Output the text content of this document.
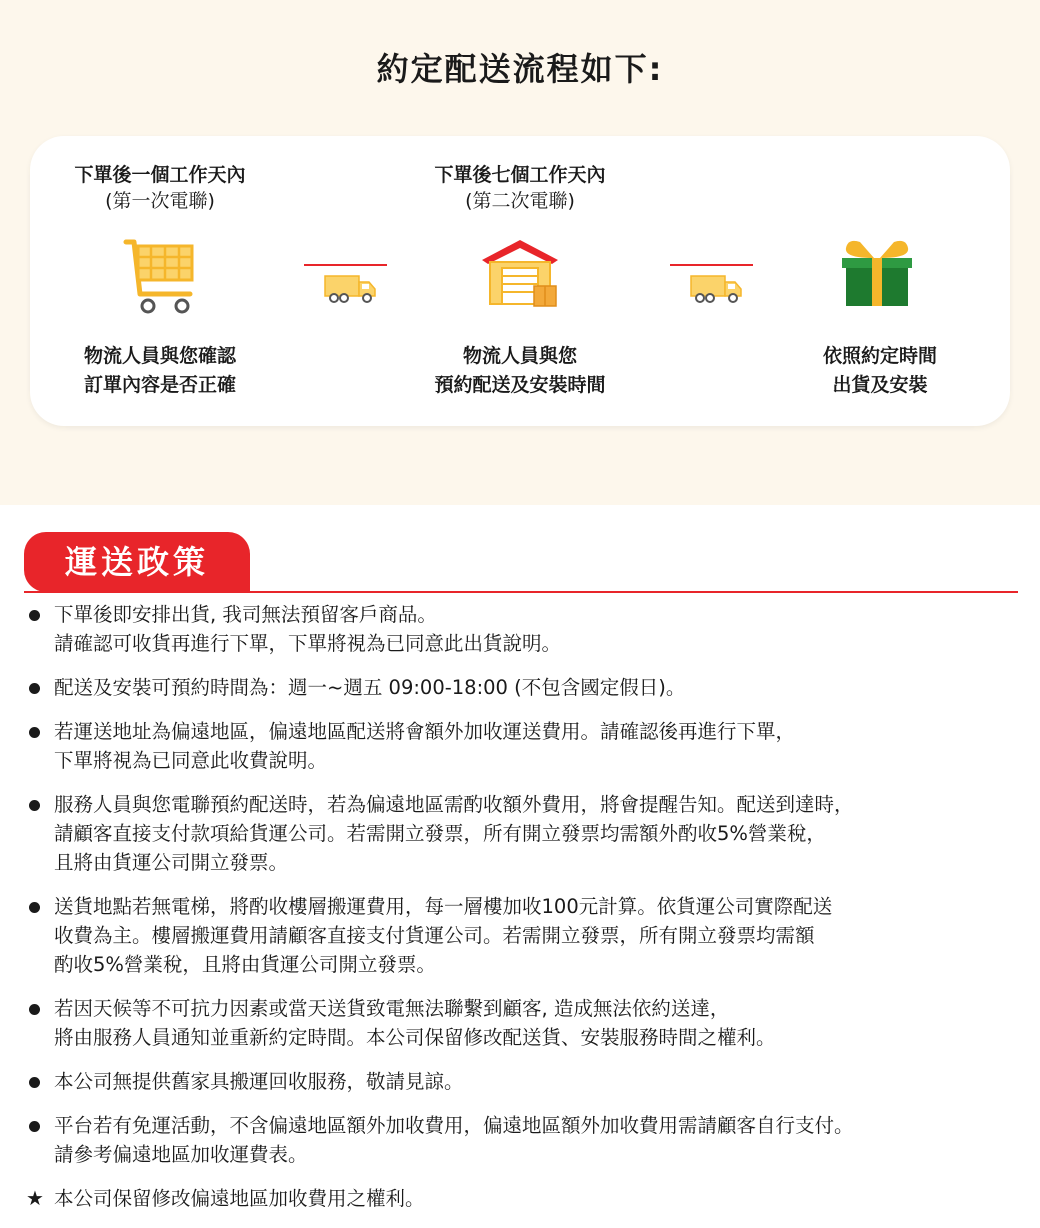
約定配送流程如下:
下單後一個工作天內
(第一次電聯)
下單後七個工作天內
(第二次電聯)
物流人員與您確認
訂單內容是否正確
物流人員與您
預約配送及安裝時間
依照約定時間
出貨及安裝
運送政策
下單後即安排出貨, 我司無法預留客戶商品。
請確認可收貨再進行下單，下單將視為已同意此出貨說明。
配送及安裝可預約時間為：週一~週五 09:00-18:00 (不包含國定假日)。
若運送地址為偏遠地區，偏遠地區配送將會額外加收運送費用。請確認後再進行下單，
下單將視為已同意此收費說明。
服務人員與您電聯預約配送時，若為偏遠地區需酌收額外費用，將會提醒告知。配送到達時，
請顧客直接支付款項給貨運公司。若需開立發票，所有開立發票均需額外酌收5%營業稅，
且將由貨運公司開立發票。
送貨地點若無電梯，將酌收樓層搬運費用，每一層樓加收100元計算。依貨運公司實際配送
收費為主。樓層搬運費用請顧客直接支付貨運公司。若需開立發票，所有開立發票均需額
酌收5%營業稅，且將由貨運公司開立發票。
若因天候等不可抗力因素或當天送貨致電無法聯繫到顧客, 造成無法依約送達，
將由服務人員通知並重新約定時間。本公司保留修改配送貨、安裝服務時間之權利。
本公司無提供舊家具搬運回收服務，敬請見諒。
平台若有免運活動，不含偏遠地區額外加收費用，偏遠地區額外加收費用需請顧客自行支付。
請參考偏遠地區加收運費表。
★ 本公司保留修改偏遠地區加收費用之權利。
